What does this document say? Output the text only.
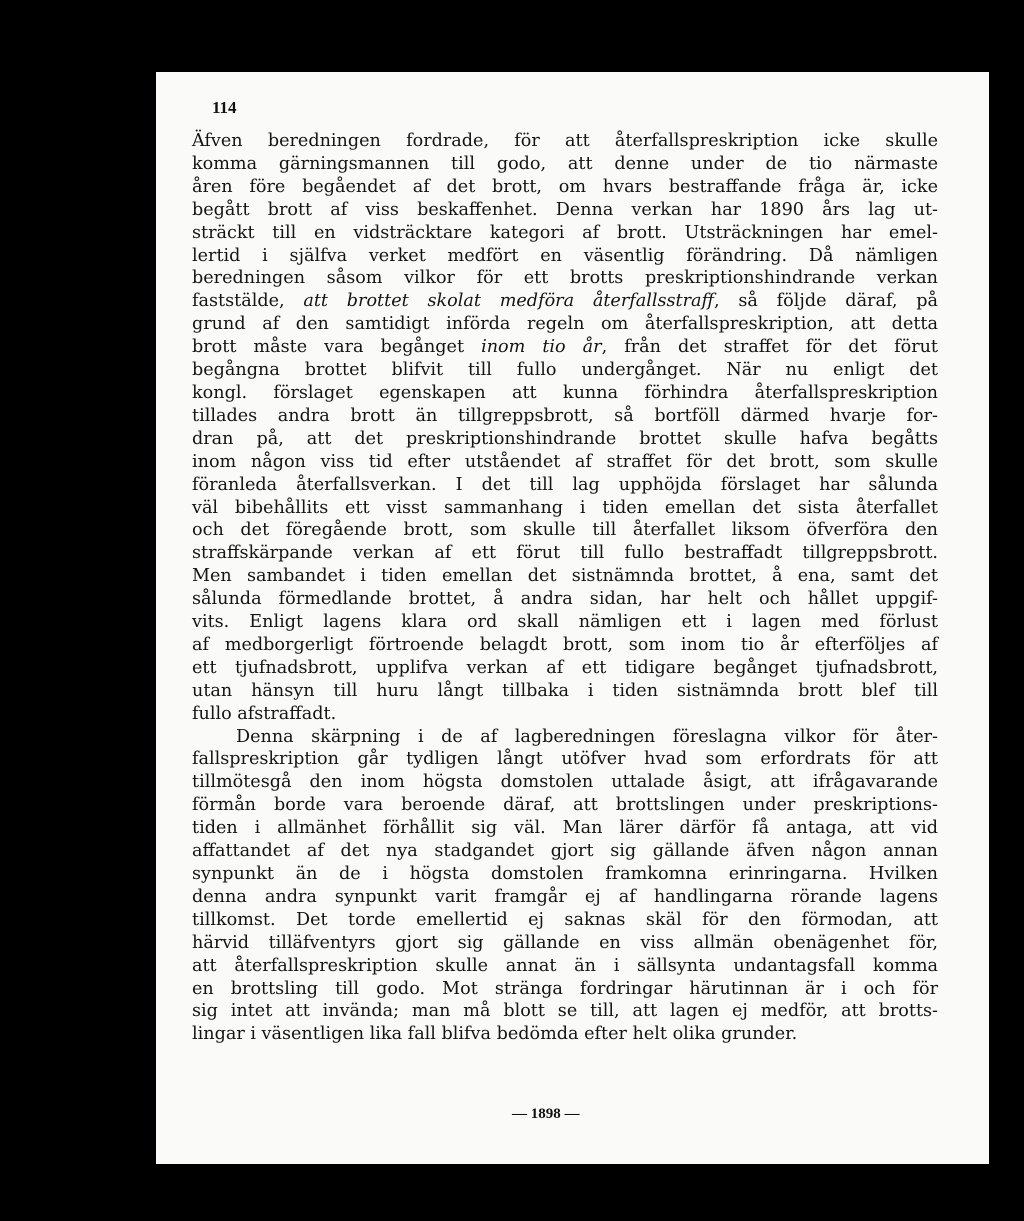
114

Äfven beredningen fordrade, för att återfallspreskription icke skulle
komma gärningsmannen till godo, att denne under de tio närmaste
åren före begåendet af det brott, om hvars bestraffande fråga är, icke
begått brott af viss beskaffenhet. Denna verkan har 1890 års lag ut-
sträckt till en vidsträcktare kategori af brott. Utsträckningen har emel-
lertid i själfva verket medfört en väsentlig förändring. Då nämligen
beredningen såsom vilkor för ett brotts preskriptionshindrande verkan
faststälde, att brottet skolat medföra återfallsstraff, så följde däraf, på
grund af den samtidigt införda regeln om återfallspreskription, att detta
brott måste vara begånget inom tio år, från det straffet för det förut
begångna brottet blifvit till fullo undergånget. När nu enligt det
kongl. förslaget egenskapen att kunna förhindra återfallspreskription
tillades andra brott än tillgreppsbrott, så bortföll därmed hvarje for-
dran på, att det preskriptionshindrande brottet skulle hafva begåtts
inom någon viss tid efter utståendet af straffet för det brott, som skulle
föranleda återfallsverkan. I det till lag upphöjda förslaget har sålunda
väl bibehållits ett visst sammanhang i tiden emellan det sista återfallet
och det föregående brott, som skulle till återfallet liksom öfverföra den
straffskärpande verkan af ett förut till fullo bestraffadt tillgreppsbrott.
Men sambandet i tiden emellan det sistnämnda brottet, å ena, samt det
sålunda förmedlande brottet, å andra sidan, har helt och hållet uppgif-
vits. Enligt lagens klara ord skall nämligen ett i lagen med förlust
af medborgerligt förtroende belagdt brott, som inom tio år efterföljes af
ett tjufnadsbrott, upplifva verkan af ett tidigare begånget tjufnadsbrott,
utan hänsyn till huru långt tillbaka i tiden sistnämnda brott blef till
fullo afstraffadt.

Denna skärpning i de af lagberedningen föreslagna vilkor för åter-
fallspreskription går tydligen långt utöfver hvad som erfordrats för att
tillmötesgå den inom högsta domstolen uttalade åsigt, att ifrågavarande
förmån borde vara beroende däraf, att brottslingen under preskriptions-
tiden i allmänhet förhållit sig väl. Man lärer därför få antaga, att vid
affattandet af det nya stadgandet gjort sig gällande äfven någon annan
synpunkt än de i högsta domstolen framkomna erinringarna. Hvilken
denna andra synpunkt varit framgår ej af handlingarna rörande lagens
tillkomst. Det torde emellertid ej saknas skäl för den förmodan, att
härvid tilläfventyrs gjort sig gällande en viss allmän obenägenhet för,
att återfallspreskription skulle annat än i sällsynta undantagsfall komma
en brottsling till godo. Mot stränga fordringar härutinnan är i och för
sig intet att invända; man må blott se till, att lagen ej medför, att brotts-
lingar i väsentligen lika fall blifva bedömda efter helt olika grunder.

— 1898 —
